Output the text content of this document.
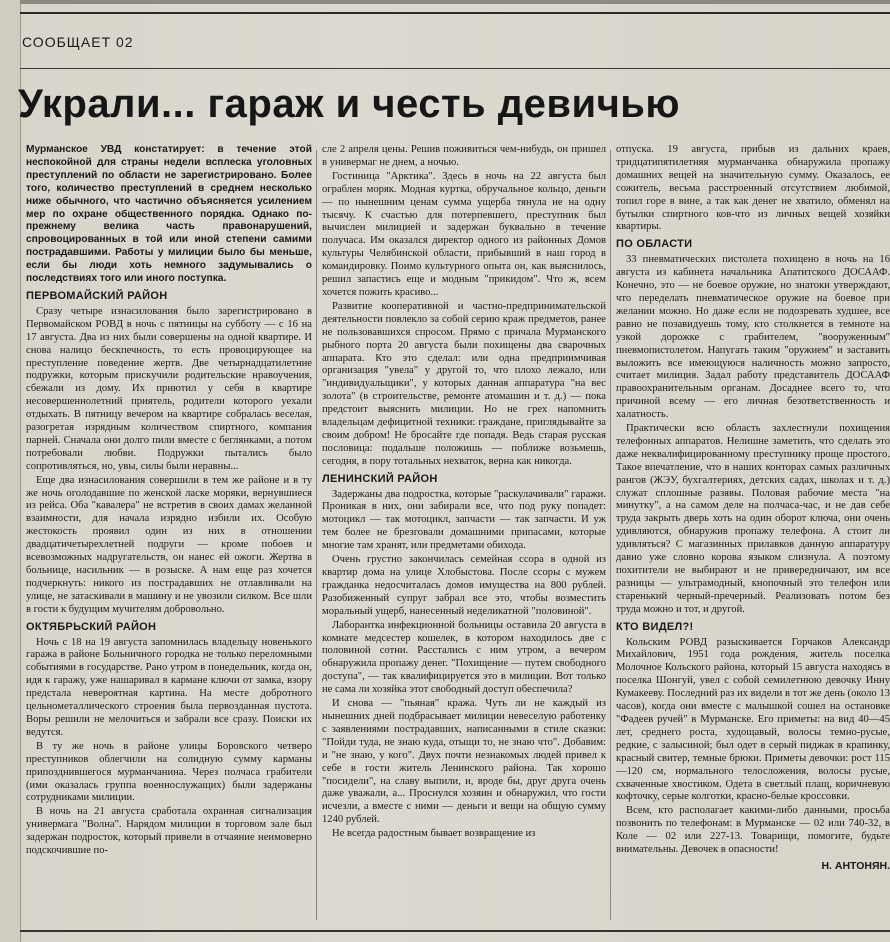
СООБЩАЕТ 02
Украли... гараж и честь девичью

Мурманское УВД констатирует: в течение этой неспокойной для страны недели всплеска уголовных преступлений по области не зарегистрировано. Более того, количество преступлений в среднем несколько ниже обычного, что частично объясняется усилением мер по охране общественного порядка. Однако по-прежнему велика часть правонарушений, спровоцированных в той или иной степени самими пострадавшими. Работы у милиции было бы меньше, если бы люди хоть немного задумывались о последствиях того или иного поступка.

ПЕРВОМАЙСКИЙ РАЙОН

Сразу четыре изнасилования было зарегистрировано в Первомайском РОВД в ночь с пятницы на субботу — с 16 на 17 августа. Два из них были совершены на одной квартире. И снова налицо бескпечность, то есть провоцирующее на преступление поведение жертв. Две четырнадцатилетние подружки, которым прискучили родительские нравоучения, сбежали из дому. Их приютил у себя в квартире несовершеннолетний приятель, родители которого уехали отдыхать. В пятницу вечером на квартире собралась веселая, разогретая изрядным количеством спиртного, компания парней. Сначала они долго пили вместе с беглянками, а потом потребовали любви. Подружки пытались было сопротивляться, но, увы, силы были неравны...

Еще два изнасилования совершили в тем же районе и в ту же ночь оголодавшие по женской ласке моряки, вернувшиеся из рейса. Оба "кавалера" не встретив в своих дамах желанной взаимности, для начала изрядно избили их. Особую жестокость проявил один из них в отношении двадцатичетырехлетней подруги — кроме побоев и всевозможных надругательств, он нанес ей ожоги. Жертва в больнице, насильник — в розыске. А нам еще раз хочется подчеркнуть: никого из пострадавших не отлавливали на улице, не затаскивали в машину и не увозили силком. Все шли в гости к будущим мучителям добровольно.

ОКТЯБРЬСКИЙ РАЙОН

Ночь с 18 на 19 августа запомнилась владельцу новенького гаража в районе Больничного городка не только переломными событиями в государстве. Рано утром в понедельник, когда он, идя к гаражу, уже нашаривал в кармане ключи от замка, взору предстала невероятная картина. На месте добротного цельнометаллического строения была первозданная пустота. Воры решили не мелочиться и забрали все сразу. Поиски их ведутся.

В ту же ночь в районе улицы Боровского четверо преступников облегчили на солидную сумму карманы припозднившегося мурманчанина. Через полчаса грабители (ими оказалась группа военнослужащих) были задержаны сотрудниками милиции.

В ночь на 21 августа сработала охранная сигнализация универмага "Волна". Нарядом милиции в торговом зале был задержан подросток, который привели в отчаяние неимоверно подскочившие по-

сле 2 апреля цены. Решив поживиться чем-нибудь, он пришел в универмаг не днем, а ночью.

Гостиница "Арктика". Здесь в ночь на 22 августа был ограблен моряк. Модная куртка, обручальное кольцо, деньги — по нынешним ценам сумма ущерба тянула не на одну тысячу. К счастью для потерпевшего, преступник был вычислен милицией и задержан буквально в течение получаса. Им оказался директор одного из районных Домов культуры Челябинской области, прибывший в наш город в командировку. Поимо культурного опыта он, как выяснилось, решил запастись еще и модным "прикидом". Что ж, всем хочется пожить красиво...

Развитие кооперативной и частно-предпринимательской деятельности повлекло за собой серию краж предметов, ранее не пользовавшихся спросом. Прямо с причала Мурманского рыбного порта 20 августа были похищены два сварочных аппарата. Кто это сделал: или одна предприимчивая организация "увела" у другой то, что плохо лежало, или "индивидуальщики", у которых данная аппаратура "на вес золота" (в строительстве, ремонте атомашин и т. д.) — пока предстоит выяснить милиции. Но не грех напомнить владельцам дефицитной техники: граждане, приглядывайте за своим добром! Не бросайте где попадя. Ведь старая русская пословица: подальше положишь — поближе возьмешь, сегодня, в пору тотальных нехваток, верна как никогда.

ЛЕНИНСКИЙ РАЙОН

Задержаны два подростка, которые "раскулачивали" гаражи. Проникая в них, они забирали все, что под руку попадет: мотоцикл — так мотоцикл, запчасти — так запчасти. И уж тем более не брезговали домашними припасами, которые многие там хранят, или предметами обихода.

Очень грустно закончилась семейная ссора в одной из квартир дома на улице Хлобыстова. После ссоры с мужем гражданка недосчиталась домов имущества на 800 рублей. Разобиженный супруг забрал все это, чтобы возместить моральный ущерб, нанесенный неделикатной "половиной".

Лаборантка инфекционной больницы оставила 20 августа в комнате медсестер кошелек, в котором находилось две с половиной сотни. Расстались с ним утром, а вечером обнаружила пропажу денег. "Похищение — путем свободного доступа", — так квалифицируется это в милиции. Вот только не сама ли хозяйка этот свободный доступ обеспечила?

И снова — "пьяная" кража. Чуть ли не каждый из нынешних дней подбрасывает милиции невеселую работенку с заявлениями пострадавших, написанными в стиле сказки: "Пойди туда, не знаю куда, отыщи то, не знаю что". Добавим: и "не знаю, у кого". Двух почти незнакомых людей привел к себе в гости житель Ленинского района. Так хорошо "посидели", на славу выпили, и, вроде бы, друг друга очень даже уважали, а... Проснулся хозяин и обнаружил, что гости исчезли, а вместе с ними — деньги и вещи на общую сумму 1240 рублей.

Не всегда радостным бывает возвращение из

отпуска. 19 августа, прибыв из дальних краев, тридцатипятилетняя мурманчанка обнаружила пропажу домашних вещей на значительную сумму. Оказалось, ее сожитель, весьма расстроенный отсутствием любимой, топил горе в вине, а так как денег не хватило, обменял на бутылки спиртного ков-что из личных вещей хозяйки квартиры.

ПО ОБЛАСТИ

33 пневматических пистолета похищено в ночь на 16 августа из кабинета начальника Апатитского ДОСААФ. Конечно, это — не боевое оружие, но знатоки утверждают, что переделать пневматическое оружие на боевое при желании можно. Но даже если не подозревать худшее, все равно не позавидуешь тому, кто столкнется в темноте на узкой дорожке с грабителем, "вооруженным" пневмопистолетом. Напугать таким "оружием" и заставить выложить все имеющуюся наличность можно запросто, считает милиция. Задал работу представитель ДОСААФ правоохранительным органам. Досаднее всего то, что причиной всему — его личная безответственность и халатность.

Практически всю область захлестнули похищения телефонных аппаратов. Нелишне заметить, что сделать это даже неквалифицированному преступнику проще простого. Такое впечатление, что в наших конторах самых различных рангов (ЖЭУ, бухгалтериях, детских садах, школах и т. д.) служат сплошные разявы. Половая рабочие места "на минутку", а на самом деле на полчаса-час, и не дав себе труда закрыть дверь хоть на один оборот ключа, они очень удивляются, обнаружив пропажу телефона. А стоит ли удивляться? С магазинных прилавков данную аппаратуру давно уже словно корова языком слизнула. А поэтому похитители не выбирают и не привередничают, им все разницы — ультрамодный, кнопочный это телефон или старенький черный-пречерный. Реализовать потом без труда можно и тот, и другой.

КТО ВИДЕЛ?!

Кольским РОВД разыскивается Горчаков Александр Михайлович, 1951 года рождения, житель поселка Молочное Кольского района, который 15 августа находясь в поселка Шонгуй, увел с собой семилетнюю девочку Инну Кумакееву. Последний раз их видели в тот же день (около 13 часов), когда они вместе с малышкой сошел на остановке "Фадеев ручей" в Мурманске. Его приметы: на вид 40—45 лет, среднего роста, худощавый, волосы темно-русые, редкие, с залысиной; был одет в серый пиджак в крапинку, красный свитер, темные брюки. Приметы девочки: рост 115—120 см, нормального телосложения, волосы русые, схваченные хвостиком. Одета в светлый плащ, коричневую кофточку, серые колготки, красно-белые кроссовки.

Всем, кто располагает какими-либо данными, просьба позвонить по телефонам: в Мурманске — 02 или 740-32, в Коле — 02 или 227-13. Товарищи, помогите, будьте внимательны. Девочек в опасности!

Н. АНТОНЯН.
